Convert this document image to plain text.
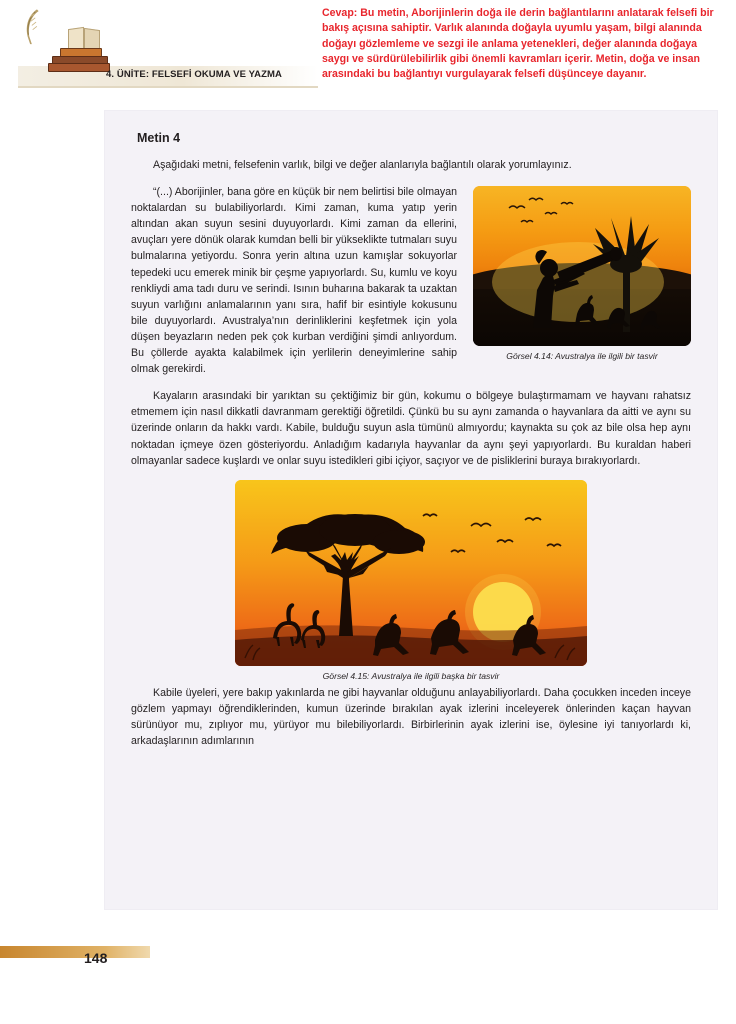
4. ÜNİTE: FELSEFİ OKUMA VE YAZMA
Cevap: Bu metin, Aborijinlerin doğa ile derin bağlantılarını anlatarak felsefi bir bakış açısına sahiptir. Varlık alanında doğayla uyumlu yaşam, bilgi alanında doğayı gözlemleme ve sezgi ile anlama yetenekleri, değer alanında doğaya saygı ve sürdürülebilirlik gibi önemli kavramları içerir. Metin, doğa ve insan arasındaki bu bağlantıyı vurgulayarak felsefi düşünceye dayanır.
Metin 4

Aşağıdaki metni, felsefenin varlık, bilgi ve değer alanlarıyla bağlantılı olarak yorumlayınız.

Görsel 4.14: Avustralya ile ilgili bir tasvir

“(...) Aborijinler, bana göre en küçük bir nem belirtisi bile olmayan noktalardan su bulabiliyorlardı. Kimi zaman, kuma yatıp yerin altından akan suyun sesini duyuyorlardı. Kimi zaman da ellerini, avuçları yere dönük olarak kumdan belli bir yükseklikte tutmaları suyu bulmalarına yetiyordu. Sonra yerin altına uzun kamışlar sokuyorlar tepedeki ucu emerek minik bir çeşme yapıyorlardı. Su, kumlu ve koyu renkliydi ama tadı duru ve serindi. Isının buharına bakarak ta uzaktan suyun varlığını anlamalarının yanı sıra, hafif bir esintiyle kokusunu bile duyuyorlardı. Avustralya’nın derinliklerini keşfetmek için yola düşen beyazların neden pek çok kurban verdiğini şimdi anlıyordum. Bu çöllerde ayakta kalabilmek için yerlilerin deneyimlerine sahip olmak gerekirdi.

Kayaların arasındaki bir yarıktan su çektiğimiz bir gün, kokumu o bölgeye bulaştırmamam ve hayvanı rahatsız etmemem için nasıl dikkatli davranmam gerektiği öğretildi. Çünkü bu su aynı zamanda o hayvanlara da aitti ve aynı su üzerinde onların da hakkı vardı. Kabile, bulduğu suyun asla tümünü almıyordu; kaynakta su çok az bile olsa hep aynı noktadan içmeye özen gösteriyordu. Anladığım kadarıyla hayvanlar da aynı şeyi yapıyorlardı. Bu kuraldan haberi olmayanlar sadece kuşlardı ve onlar suyu istedikleri gibi içiyor, saçıyor ve de pisliklerini buraya bırakıyorlardı.

Görsel 4.15: Avustralya ile ilgili başka bir tasvir

Kabile üyeleri, yere bakıp yakınlarda ne gibi hayvanlar olduğunu anlayabiliyorlardı. Daha çocukken inceden inceye gözlem yapmayı öğrendiklerinden, kumun üzerinde bırakılan ayak izlerini inceleyerek önlerinden kaçan hayvan sürünüyor mu, zıplıyor mu, yürüyor mu bilebiliyorlardı. Birbirlerinin ayak izlerini ise, öylesine iyi tanıyorlardı ki, arkadaşlarının adımlarının

148
